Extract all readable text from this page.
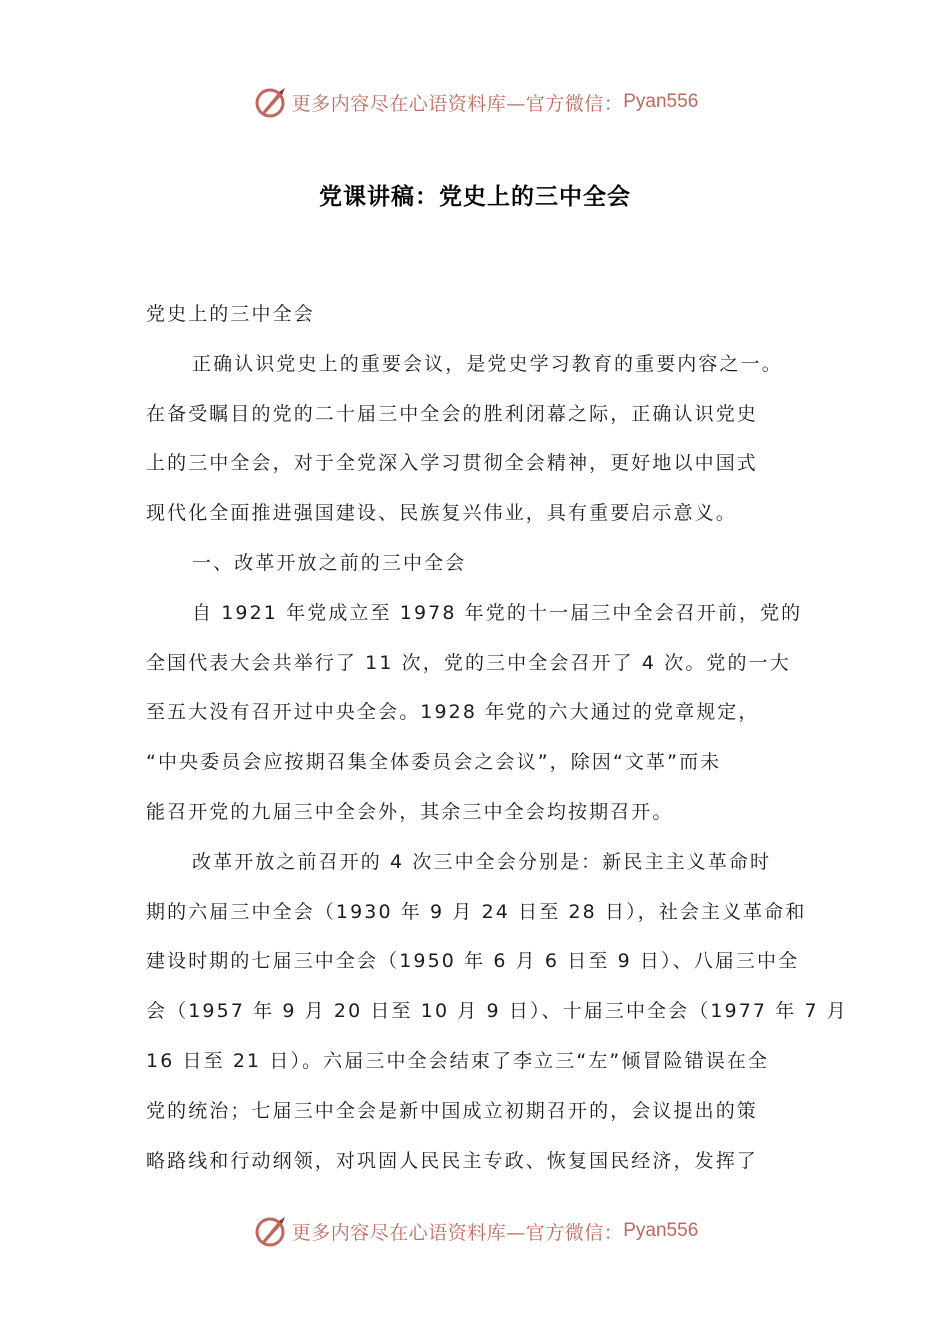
更多内容尽在心语资料库—官方微信： Pyan556
党课讲稿：党史上的三中全会
党史上的三中全会
正确认识党史上的重要会议，是党史学习教育的重要内容之一。
在备受瞩目的党的二十届三中全会的胜利闭幕之际，正确认识党史
上的三中全会，对于全党深入学习贯彻全会精神，更好地以中国式
现代化全面推进强国建设、民族复兴伟业，具有重要启示意义。
一、改革开放之前的三中全会
自 1921 年党成立至 1978 年党的十一届三中全会召开前，党的
全国代表大会共举行了 11 次，党的三中全会召开了 4 次。党的一大
至五大没有召开过中央全会。1928 年党的六大通过的党章规定，
“中央委员会应按期召集全体委员会之会议”，除因“文革”而未
能召开党的九届三中全会外，其余三中全会均按期召开。
改革开放之前召开的 4 次三中全会分别是：新民主主义革命时
期的六届三中全会（1930 年 9 月 24 日至 28 日），社会主义革命和
建设时期的七届三中全会（1950 年 6 月 6 日至 9 日）、八届三中全
会（1957 年 9 月 20 日至 10 月 9 日）、十届三中全会（1977 年 7 月
16 日至 21 日）。六届三中全会结束了李立三“左”倾冒险错误在全
党的统治；七届三中全会是新中国成立初期召开的，会议提出的策
略路线和行动纲领，对巩固人民民主专政、恢复国民经济，发挥了
更多内容尽在心语资料库—官方微信： Pyan556
